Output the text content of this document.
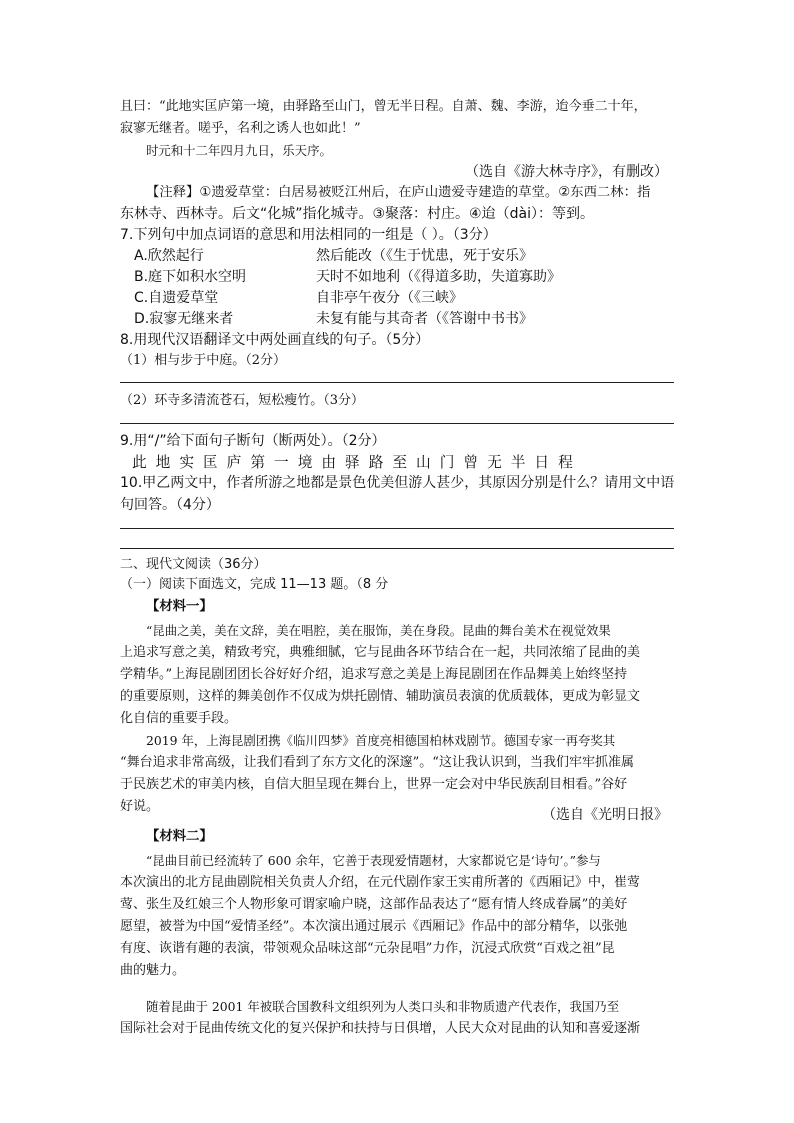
且曰：“此地实匡庐第一境，由驿路至山门，曾无半日程。自萧、魏、李游，迨今垂二十年，
寂寥无继者。嗟乎，名利之诱人也如此！”
时元和十二年四月九日，乐天序。
（选自《游大林寺序》，有删改）
【注释】①遗爱草堂：白居易被贬江州后，在庐山遗爱寺建造的草堂。②东西二林：指
东林寺、西林寺。后文“化城”指化城寺。③聚落：村庄。④迨（dài）：等到。
7.下列句中加点词语的意思和用法相同的一组是（ ）。（3分）
A.欣然起行	然后能改（《生于忧患，死于安乐》
B.庭下如积水空明	天时不如地利（《得道多助，失道寡助》
C.自遗爱草堂	自非亭午夜分（《三峡》
D.寂寥无继来者	未复有能与其奇者（《答谢中书书》
8.用现代汉语翻译文中两处画直线的句子。（5分）
（1）相与步于中庭。（2分）
（2）环寺多清流苍石，短松瘦竹。（3分）
9.用“/”给下面句子断句（断两处）。（2分）
此地实匡庐第一境由驿路至山门曾无半日程
10.甲乙两文中，作者所游之地都是景色优美但游人甚少，其原因分别是什么？请用文中语
句回答。（4分）
二、现代文阅读（36分）
（一）阅读下面选文，完成 11—13 题。（8 分
【材料一】
“昆曲之美，美在文辞，美在唱腔，美在服饰，美在身段。昆曲的舞台美术在视觉效果
上追求写意之美，精致考究，典雅细腻，它与昆曲各环节结合在一起，共同浓缩了昆曲的美
学精华。”上海昆剧团团长谷好好介绍，追求写意之美是上海昆剧团在作品舞美上始终坚持
的重要原则，这样的舞美创作不仅成为烘托剧情、辅助演员表演的优质载体，更成为彰显文
化自信的重要手段。
2019 年，上海昆剧团携《临川四梦》首度亮相德国柏林戏剧节。德国专家一再夸奖其
“舞台追求非常高级，让我们看到了东方文化的深邃”。“这让我认识到，当我们牢牢抓准属
于民族艺术的审美内核，自信大胆呈现在舞台上，世界一定会对中华民族刮目相看。”谷好
好说。
（选自《光明日报》
【材料二】
“昆曲目前已经流转了 600 余年，它善于表现爱情题材，大家都说它是‘诗句’。”参与
本次演出的北方昆曲剧院相关负责人介绍，在元代剧作家王实甫所著的《西厢记》中，崔莺
莺、张生及红娘三个人物形象可谓家喻户晓，这部作品表达了“愿有情人终成眷属”的美好
愿望，被誉为中国“爱情圣经”。本次演出通过展示《西厢记》作品中的部分精华，以张弛
有度、诙谐有趣的表演，带领观众品味这部“元杂昆唱”力作，沉浸式欣赏“百戏之祖”昆
曲的魅力。
随着昆曲于 2001 年被联合国教科文组织列为人类口头和非物质遗产代表作，我国乃至
国际社会对于昆曲传统文化的复兴保护和扶持与日俱增，人民大众对昆曲的认知和喜爱逐渐
